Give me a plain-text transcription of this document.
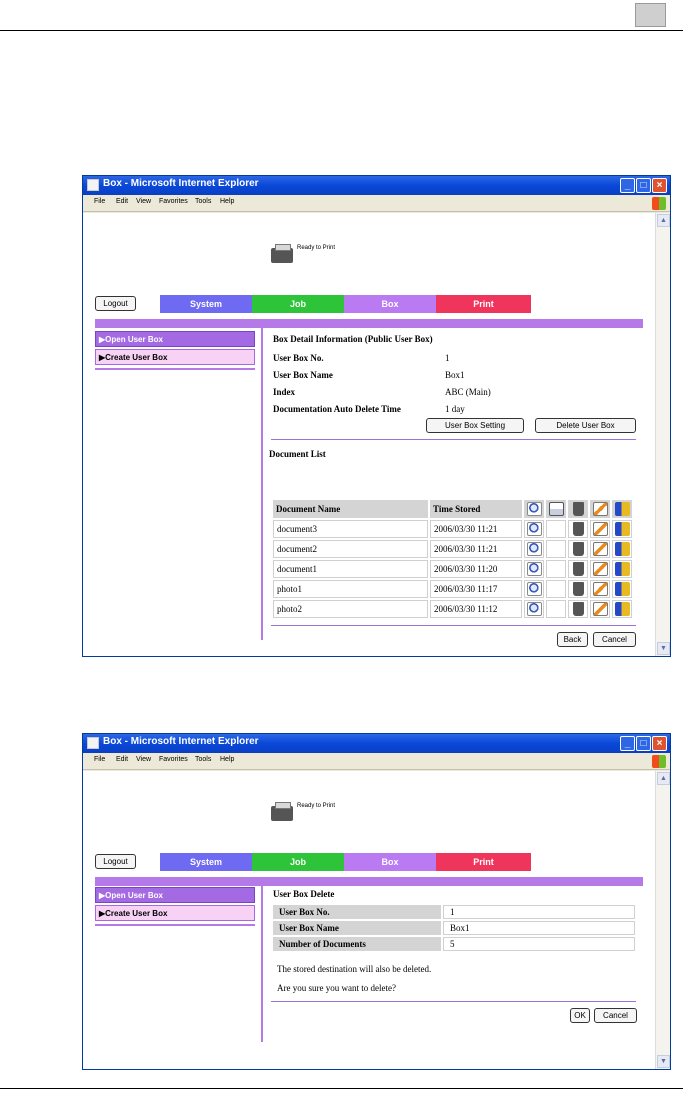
Box - Microsoft Internet Explorer	_	□	×
File Edit View Favorites Tools Help
Ready to Print
Logout	System	Job	Box	Print
▶Open User Box
▶Create User Box
Box Detail Information (Public User Box)
User Box No.	1
User Box Name	Box1
Index	ABC (Main)
Documentation Auto Delete Time	1 day
User Box Setting	Delete User Box
Document List
Document Name	Time Stored					
document3	2006/03/30 11:21					
document2	2006/03/30 11:21					
document1	2006/03/30 11:20					
photo1	2006/03/30 11:17					
photo2	2006/03/30 11:12					
Back	Cancel
▲
▼
Box - Microsoft Internet Explorer	_	□	×
File Edit View Favorites Tools Help
Ready to Print
Logout	System	Job	Box	Print
▶Open User Box
▶Create User Box
User Box Delete
User Box No.	1
User Box Name	Box1
Number of Documents	5
The stored destination will also be deleted.
Are you sure you want to delete?
OK	Cancel
▲
▼
